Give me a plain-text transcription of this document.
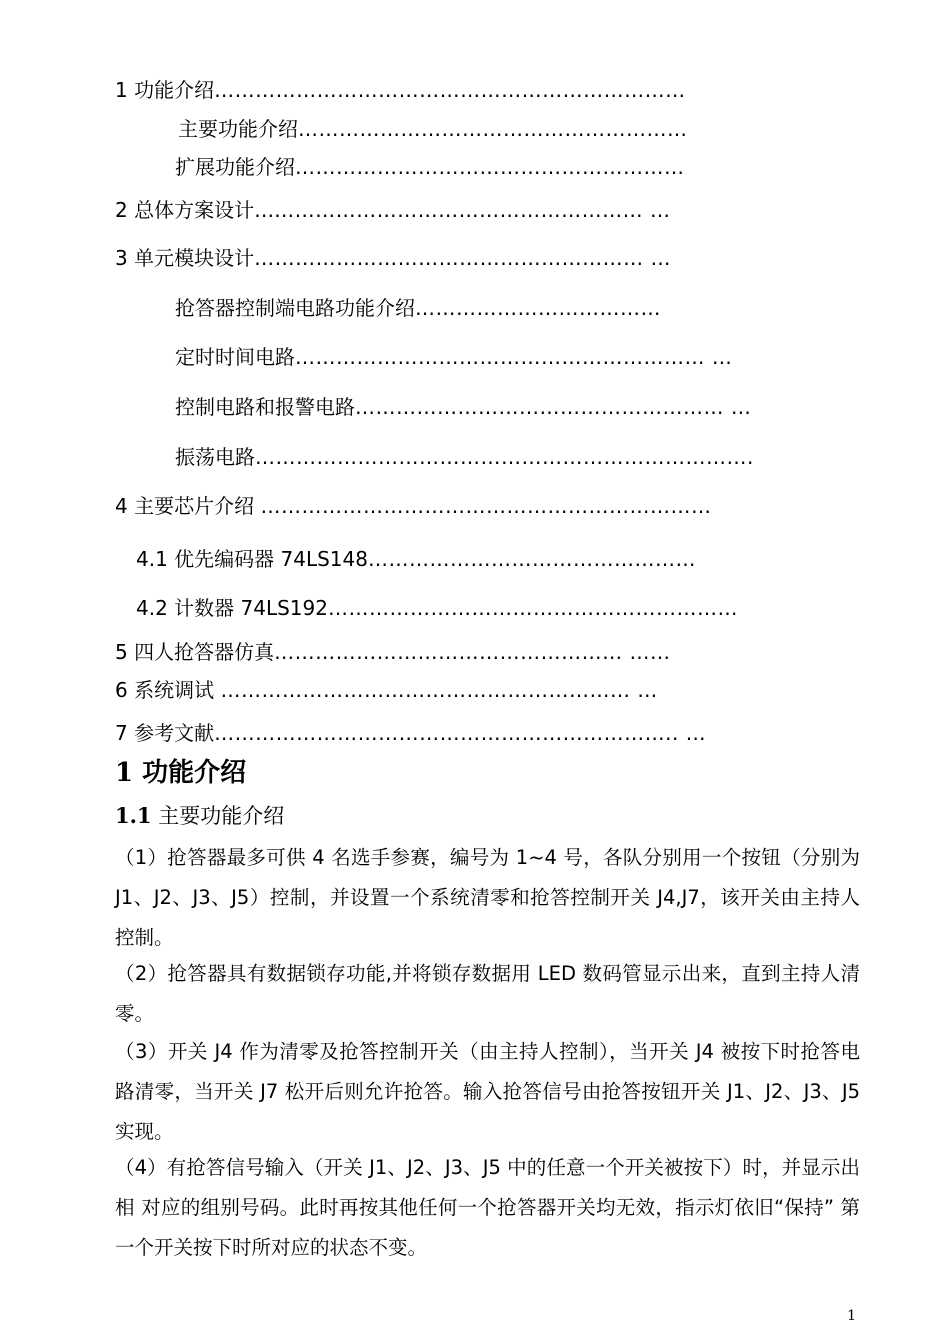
1 功能介绍……………………………………………………………
主要功能介绍…………………………………………………
扩展功能介绍…………………………………………………
2 总体方案设计………………………………………………… …
3 单元模块设计………………………………………………… …
抢答器控制端电路功能介绍………………………………
定时时间电路…………………………………………………… …
控制电路和报警电路……………………………………………… …
振荡电路……………………………………………………………….
4 主要芯片介绍 …………………………………………………………
4.1 优先编码器 74LS148…………………………………………
4.2 计数器 74LS192……………………………………………………
5 四人抢答器仿真…………………………………………… ……
6 系统调试 …………………………………………………… …
7 参考文献………………………………………………………….. …
1 功能介绍
1.1 主要功能介绍
（1）抢答器最多可供 4 名选手参赛，编号为 1~4 号，各队分别用一个按钮（分别为 J1、J2、J3、J5）控制，并设置一个系统清零和抢答控制开关 J4,J7，该开关由主持人控制。
（2）抢答器具有数据锁存功能,并将锁存数据用 LED 数码管显示出来，直到主持人清零。
（3）开关 J4 作为清零及抢答控制开关（由主持人控制），当开关 J4 被按下时抢答电路清零，当开关 J7 松开后则允许抢答。输入抢答信号由抢答按钮开关 J1、J2、J3、J5 实现。
（4）有抢答信号输入（开关 J1、J2、J3、J5 中的任意一个开关被按下）时，并显示出相 对应的组别号码。此时再按其他任何一个抢答器开关均无效，指示灯依旧“保持” 第一个开关按下时所对应的状态不变。
1
